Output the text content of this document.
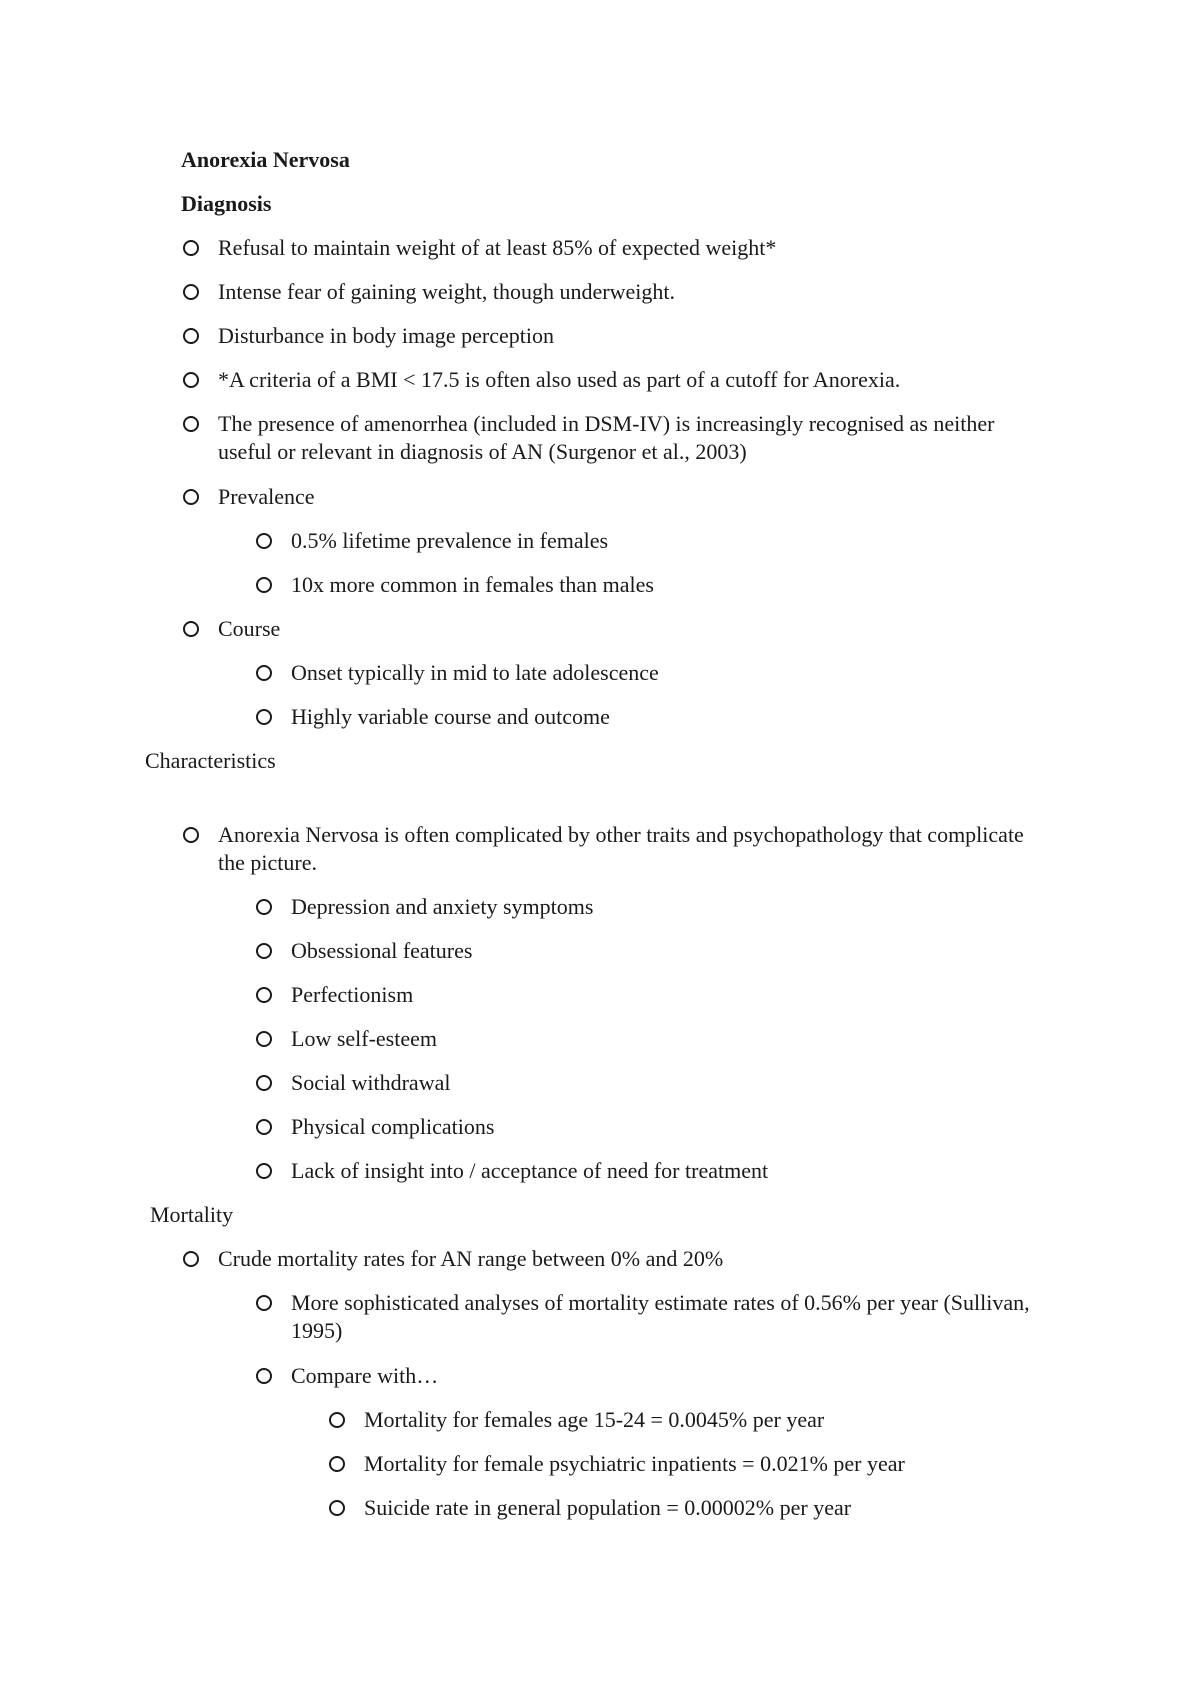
Anorexia Nervosa
Diagnosis
Refusal to maintain weight of at least 85% of expected weight*
Intense fear of gaining weight, though underweight.
Disturbance in body image perception
*A criteria of a BMI < 17.5 is often also used as part of a cutoff for Anorexia.
The presence of amenorrhea (included in DSM-IV) is increasingly recognised as neither useful or relevant in diagnosis of AN (Surgenor et al., 2003)
Prevalence
0.5% lifetime prevalence in females
10x more common in females than males
Course
Onset typically in mid to late adolescence
Highly variable course and outcome
Characteristics
Anorexia Nervosa is often complicated by other traits and psychopathology that complicate the picture.
Depression and anxiety symptoms
Obsessional features
Perfectionism
Low self-esteem
Social withdrawal
Physical complications
Lack of insight into / acceptance of need for treatment
Mortality
Crude mortality rates for AN range between 0% and 20%
More sophisticated analyses of mortality estimate rates of 0.56% per year (Sullivan, 1995)
Compare with…
Mortality for females age 15-24 = 0.0045% per year
Mortality for female psychiatric inpatients = 0.021% per year
Suicide rate in general population = 0.00002% per year
